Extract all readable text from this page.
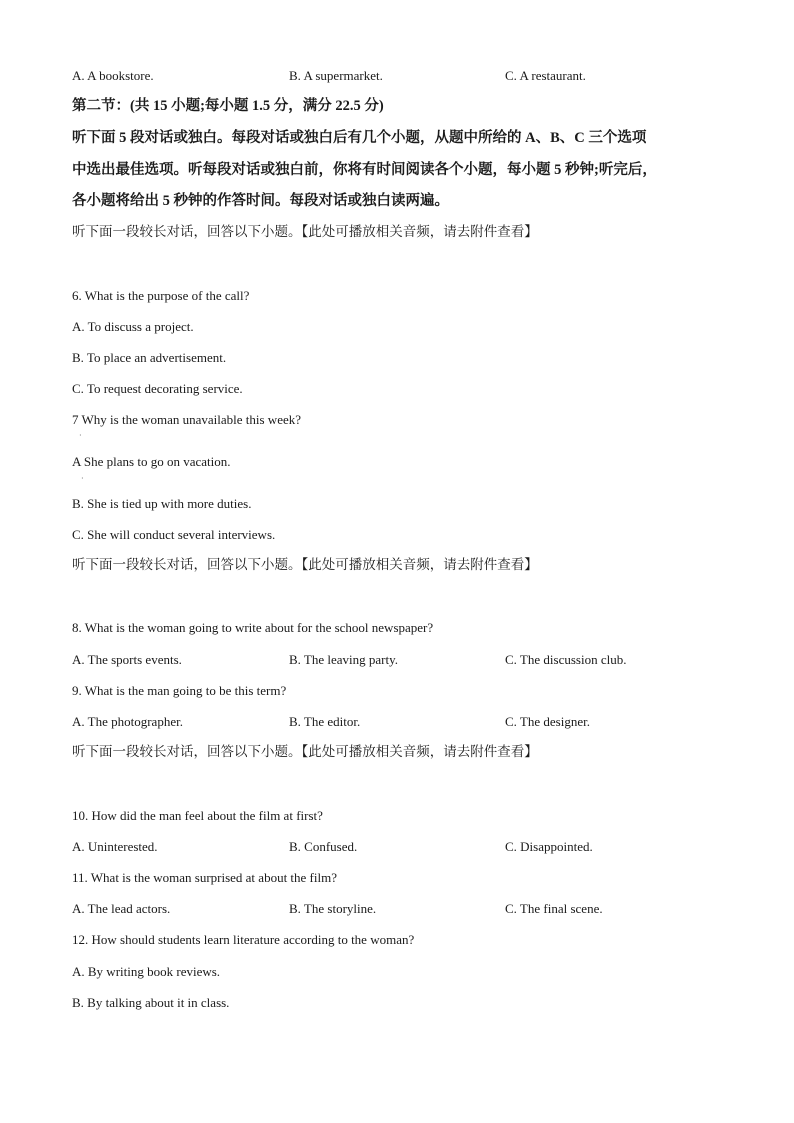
A. A bookstore.	B. A supermarket.	C. A restaurant.
第二节：(共 15 小题;每小题 1.5 分，满分 22.5 分)
听下面 5 段对话或独白。每段对话或独白后有几个小题，从题中所给的 A、B、C 三个选项
中选出最佳选项。听每段对话或独白前，你将有时间阅读各个小题，每小题 5 秒钟;听完后，
各小题将给出 5 秒钟的作答时间。每段对话或独白读两遍。
听下面一段较长对话，回答以下小题。【此处可播放相关音频，请去附件查看】
6. What is the purpose of the call?
A. To discuss a project.
B. To place an advertisement.
C. To request decorating service.
7 Why is the woman unavailable this week?
·
A She plans to go on vacation.
·
B. She is tied up with more duties.
C. She will conduct several interviews.
听下面一段较长对话，回答以下小题。【此处可播放相关音频，请去附件查看】
8. What is the woman going to write about for the school newspaper?
A. The sports events.	B. The leaving party.	C. The discussion club.
9. What is the man going to be this term?
A. The photographer.	B. The editor.	C. The designer.
听下面一段较长对话，回答以下小题。【此处可播放相关音频，请去附件查看】
10. How did the man feel about the film at first?
A. Uninterested.	B. Confused.	C. Disappointed.
11. What is the woman surprised at about the film?
A. The lead actors.	B. The storyline.	C. The final scene.
12. How should students learn literature according to the woman?
A. By writing book reviews.
B. By talking about it in class.
